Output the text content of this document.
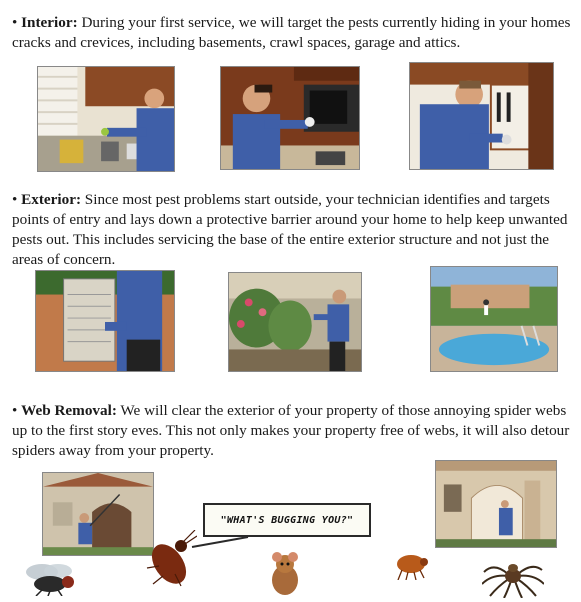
• Interior: During your first service, we will target the pests currently hiding in your homes cracks and crevices, including basements, crawl spaces, garage and attics.

• Exterior: Since most pest problems start outside, your technician identifies and targets points of entry and lays down a protective barrier around your home to help keep unwanted pests out. This includes servicing the base of the entire exterior structure and not just the areas of concern.

• Web Removal: We will clear the exterior of your property of those annoying spider webs up to the first story eves. This not only makes your property free of webs, it will also detour spiders away from your property.

"WHAT'S BUGGING YOU?"
